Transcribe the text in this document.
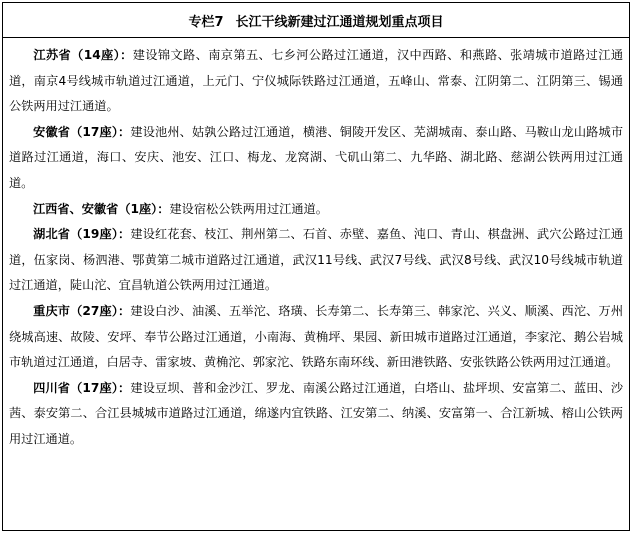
专栏7 长江干线新建过江通道规划重点项目

江苏省（14座）：建设锦文路、南京第五、七乡河公路过江通道，汉中西路、和燕路、张靖城市道路过江通道，南京4号线城市轨道过江通道，上元门、宁仪城际铁路过江通道，五峰山、常泰、江阴第二、江阴第三、锡通公铁两用过江通道。

安徽省（17座）：建设池州、姑孰公路过江通道，横港、铜陵开发区、芜湖城南、泰山路、马鞍山龙山路城市道路过江通道，海口、安庆、池安、江口、梅龙、龙窝湖、弋矶山第二、九华路、湖北路、慈湖公铁两用过江通道。

江西省、安徽省（1座）：建设宿松公铁两用过江通道。

湖北省（19座）：建设红花套、枝江、荆州第二、石首、赤壁、嘉鱼、沌口、青山、棋盘洲、武穴公路过江通道，伍家岗、杨泗港、鄂黄第二城市道路过江通道，武汉11号线、武汉7号线、武汉8号线、武汉10号线城市轨道过江通道，陡山沱、宜昌轨道公铁两用过江通道。

重庆市（27座）：建设白沙、油溪、五举沱、珞璜、长寿第二、长寿第三、韩家沱、兴义、顺溪、西沱、万州绕城高速、故陵、安坪、奉节公路过江通道，小南海、黄桷坪、果园、新田城市道路过江通道，李家沱、鹅公岩城市轨道过江通道，白居寺、雷家坡、黄桷沱、郭家沱、铁路东南环线、新田港铁路、安张铁路公铁两用过江通道。

四川省（17座）：建设豆坝、普和金沙江、罗龙、南溪公路过江通道，白塔山、盐坪坝、安富第二、蓝田、沙茜、泰安第二、合江县城城市道路过江通道，绵遂内宜铁路、江安第二、纳溪、安富第一、合江新城、榕山公铁两用过江通道。
